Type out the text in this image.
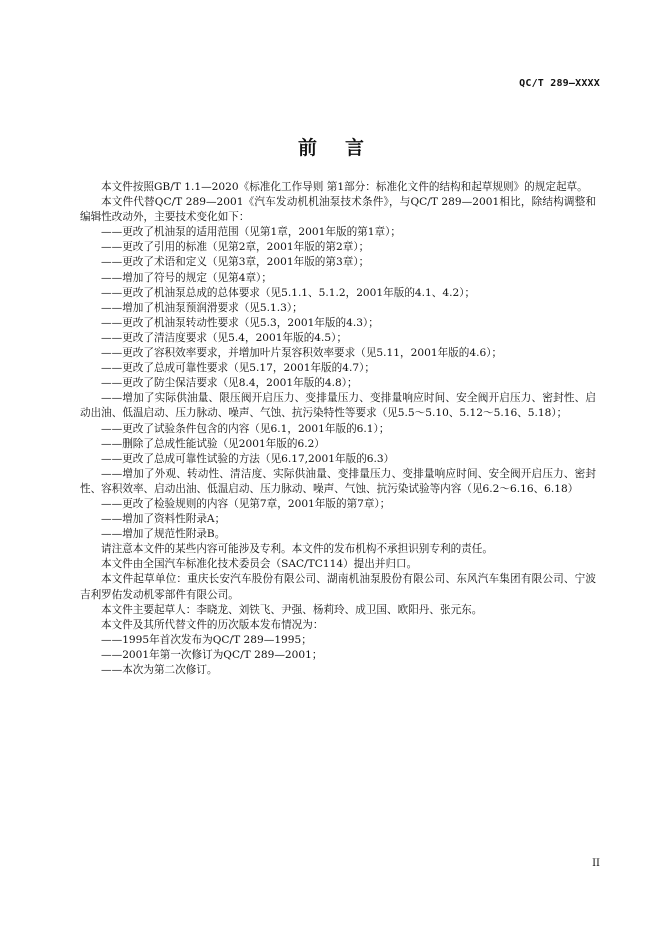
QC/T 289—XXXX
前言

本文件按照GB/T 1.1—2020《标准化工作导则 第1部分：标准化文件的结构和起草规则》的规定起草。

本文件代替QC/T 289—2001《汽车发动机机油泵技术条件》，与QC/T 289—2001相比，除结构调整和编辑性改动外，主要技术变化如下：

——更改了机油泵的适用范围（见第1章，2001年版的第1章）；

——更改了引用的标准（见第2章，2001年版的第2章）；

——更改了术语和定义（见第3章，2001年版的第3章）；

——增加了符号的规定（见第4章）；

——更改了机油泵总成的总体要求（见5.1.1、5.1.2，2001年版的4.1、4.2）；

——增加了机油泵预润滑要求（见5.1.3）；

——更改了机油泵转动性要求（见5.3，2001年版的4.3）；

——更改了清洁度要求（见5.4，2001年版的4.5）；

——更改了容积效率要求，并增加叶片泵容积效率要求（见5.11，2001年版的4.6）；

——更改了总成可靠性要求（见5.17，2001年版的4.7）；

——更改了防尘保洁要求（见8.4，2001年版的4.8）；

——增加了实际供油量、限压阀开启压力、变排量压力、变排量响应时间、安全阀开启压力、密封性、启动出油、低温启动、压力脉动、噪声、气蚀、抗污染特性等要求（见5.5～5.10、5.12～5.16、5.18）；

——更改了试验条件包含的内容（见6.1，2001年版的6.1）；

——删除了总成性能试验（见2001年版的6.2）

——更改了总成可靠性试验的方法（见6.17,2001年版的6.3）

——增加了外观、转动性、清洁度、实际供油量、变排量压力、变排量响应时间、安全阀开启压力、密封性、容积效率、启动出油、低温启动、压力脉动、噪声、气蚀、抗污染试验等内容（见6.2～6.16、6.18）

——更改了检验规则的内容（见第7章，2001年版的第7章）；

——增加了资料性附录A；

——增加了规范性附录B。

请注意本文件的某些内容可能涉及专利。本文件的发布机构不承担识别专利的责任。

本文件由全国汽车标准化技术委员会（SAC/TC114）提出并归口。

本文件起草单位：重庆长安汽车股份有限公司、湖南机油泵股份有限公司、东风汽车集团有限公司、宁波吉利罗佑发动机零部件有限公司。

本文件主要起草人：李晓龙、刘铁飞、尹强、杨莉玲、成卫国、欧阳丹、张元东。

本文件及其所代替文件的历次版本发布情况为：

——1995年首次发布为QC/T 289—1995；

——2001年第一次修订为QC/T 289—2001；

——本次为第二次修订。

II
